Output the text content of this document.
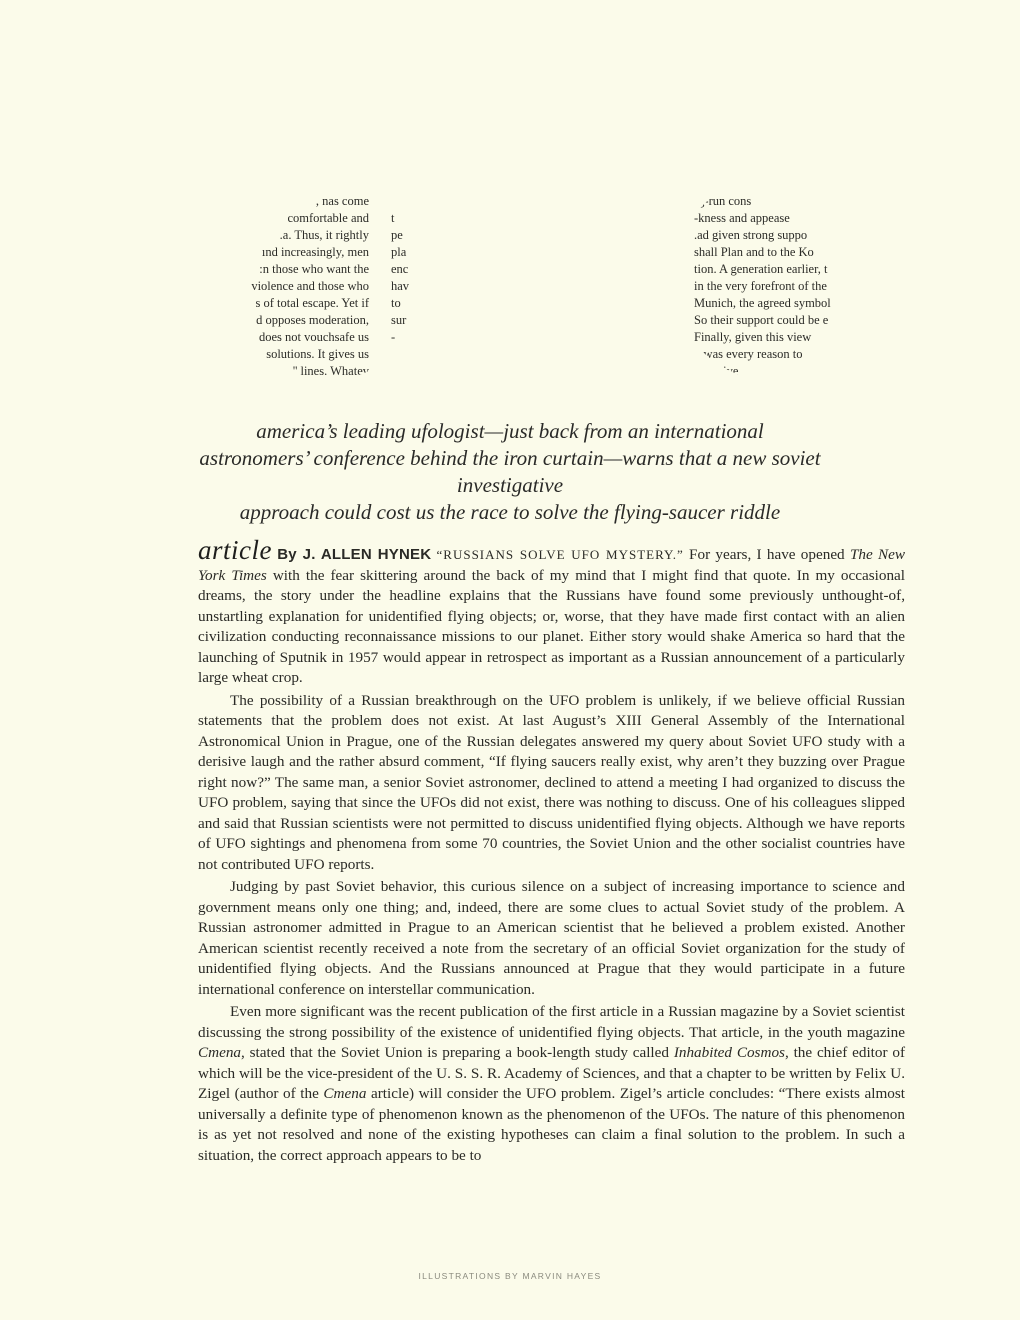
, nas come
comfortable and
.a. Thus, it rightly
ınd increasingly, men
:n those who want the
violence and those who
s of total escape. Yet if
d opposes moderation,
does not vouchsafe us
solutions. It gives us
'' lines. Whatev
t
pe
pla
enc
hav
to
sur
-
-g-run cons
-kness and appease
.ad given strong suppo
shall Plan and to the Ko
tion. A generation earlier, t
in the very forefront of the
Munich, the agreed symbol
So their support could be e
Finally, given this view
'- was every reason to
initiative
america’s leading ufologist—just back from an international
astronomers’ conference behind the iron curtain—warns that a new soviet investigative
approach could cost us the race to solve the flying-saucer riddle

article By J. ALLEN HYNEK “RUSSIANS SOLVE UFO MYSTERY.” For years, I have opened The New York Times with the fear skittering around the back of my mind that I might find that quote. In my occasional dreams, the story under the headline explains that the Russians have found some previously unthought-of, unstartling explanation for unidentified flying objects; or, worse, that they have made first contact with an alien civilization conducting reconnaissance missions to our planet. Either story would shake America so hard that the launching of Sputnik in 1957 would appear in retrospect as important as a Russian announcement of a particularly large wheat crop.

The possibility of a Russian breakthrough on the UFO problem is unlikely, if we believe official Russian statements that the problem does not exist. At last August’s XIII General Assembly of the International Astronomical Union in Prague, one of the Russian delegates answered my query about Soviet UFO study with a derisive laugh and the rather absurd comment, “If flying saucers really exist, why aren’t they buzzing over Prague right now?” The same man, a senior Soviet astronomer, declined to attend a meeting I had organized to discuss the UFO problem, saying that since the UFOs did not exist, there was nothing to discuss. One of his colleagues slipped and said that Russian scientists were not permitted to discuss unidentified flying objects. Although we have reports of UFO sightings and phenomena from some 70 countries, the Soviet Union and the other socialist countries have not contributed UFO reports.

Judging by past Soviet behavior, this curious silence on a subject of increasing importance to science and government means only one thing; and, indeed, there are some clues to actual Soviet study of the problem. A Russian astronomer admitted in Prague to an American scientist that he believed a problem existed. Another American scientist recently received a note from the secretary of an official Soviet organization for the study of unidentified flying objects. And the Russians announced at Prague that they would participate in a future international conference on interstellar communication.

Even more significant was the recent publication of the first article in a Russian magazine by a Soviet scientist discussing the strong possibility of the existence of unidentified flying objects. That article, in the youth magazine Cmena, stated that the Soviet Union is preparing a book-length study called Inhabited Cosmos, the chief editor of which will be the vice-president of the U. S. S. R. Academy of Sciences, and that a chapter to be written by Felix U. Zigel (author of the Cmena article) will consider the UFO problem. Zigel’s article concludes: “There exists almost universally a definite type of phenomenon known as the phenomenon of the UFOs. The nature of this phenomenon is as yet not resolved and none of the existing hypotheses can claim a final solution to the problem. In such a situation, the correct approach appears to be to

ILLUSTRATIONS BY MARVIN HAYES
